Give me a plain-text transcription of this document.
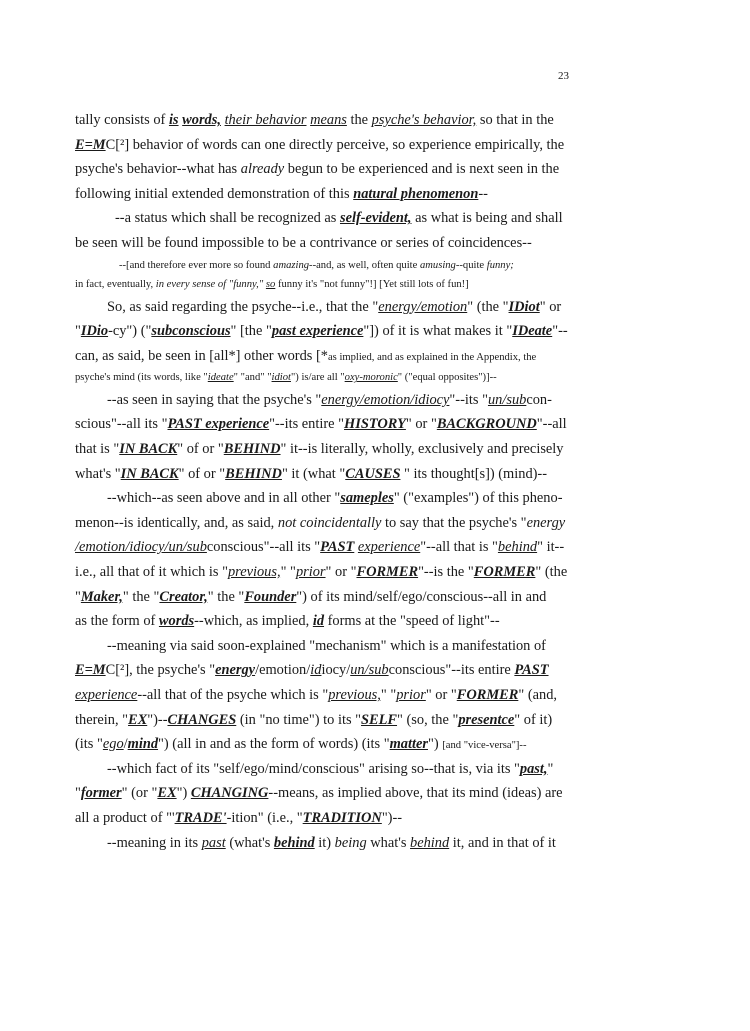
23
tally consists of is words, their behavior means the psyche's behavior, so that in the
E=MC[²] behavior of words can one directly perceive, so experience empirically, the
psyche's behavior--what has already begun to be experienced and is next seen in the
following initial extended demonstration of this natural phenomenon--
--a status which shall be recognized as self-evident, as what is being and shall
be seen will be found impossible to be a contrivance or series of coincidences--
--[and therefore ever more so found amazing--and, as well, often quite amusing--quite funny;
in fact, eventually, in every sense of "funny," so funny it's "not funny"!] [Yet still lots of fun!]
So, as said regarding the psyche--i.e., that the "energy/emotion" (the "IDiot" or
"IDio-cy") ("subconscious" [the "past experience"]) of it is what makes it "IDeate"--
can, as said, be seen in [all*] other words [*as implied, and as explained in the Appendix, the
psyche's mind (its words, like "ideate" "and" "idiot") is/are all "oxy-moronic" ("equal opposites")]--
--as seen in saying that the psyche's "energy/emotion/idiocy"--its "un/subcon-
scious"--all its "PAST experience"--its entire "HISTORY" or "BACKGROUND"--all
that is "IN BACK" of or "BEHIND" it--is literally, wholly, exclusively and precisely
what's "IN BACK" of or "BEHIND" it (what "CAUSES " its thought[s]) (mind)--
--which--as seen above and in all other "sameples" ("examples") of this pheno-
menon--is identically, and, as said, not coincidentally to say that the psyche's "energy
/emotion/idiocy/un/subconscious"--all its "PAST experience"--all that is "behind" it--
i.e., all that of it which is "previous," "prior" or "FORMER"--is the "FORMER" (the
"Maker," the "Creator," the "Founder") of its mind/self/ego/conscious--all in and
as the form of words--which, as implied, id forms at the "speed of light"--
--meaning via said soon-explained "mechanism" which is a manifestation of
E=MC[²], the psyche's "energy/emotion/idiocy/un/subconscious"--its entire PAST
experience--all that of the psyche which is "previous," "prior" or "FORMER" (and,
therein, "EX")--CHANGES (in "no time") to its "SELF" (so, the "presentce" of it)
(its "ego/mind") (all in and as the form of words) (its "matter") [and "vice-versa"]--
--which fact of its "self/ego/mind/conscious" arising so--that is, via its "past,"
"former" (or "EX") CHANGING--means, as implied above, that its mind (ideas) are
all a product of "'TRADE'-ition" (i.e., "TRADITION")--
--meaning in its past (what's behind it) being what's behind it, and in that of it
